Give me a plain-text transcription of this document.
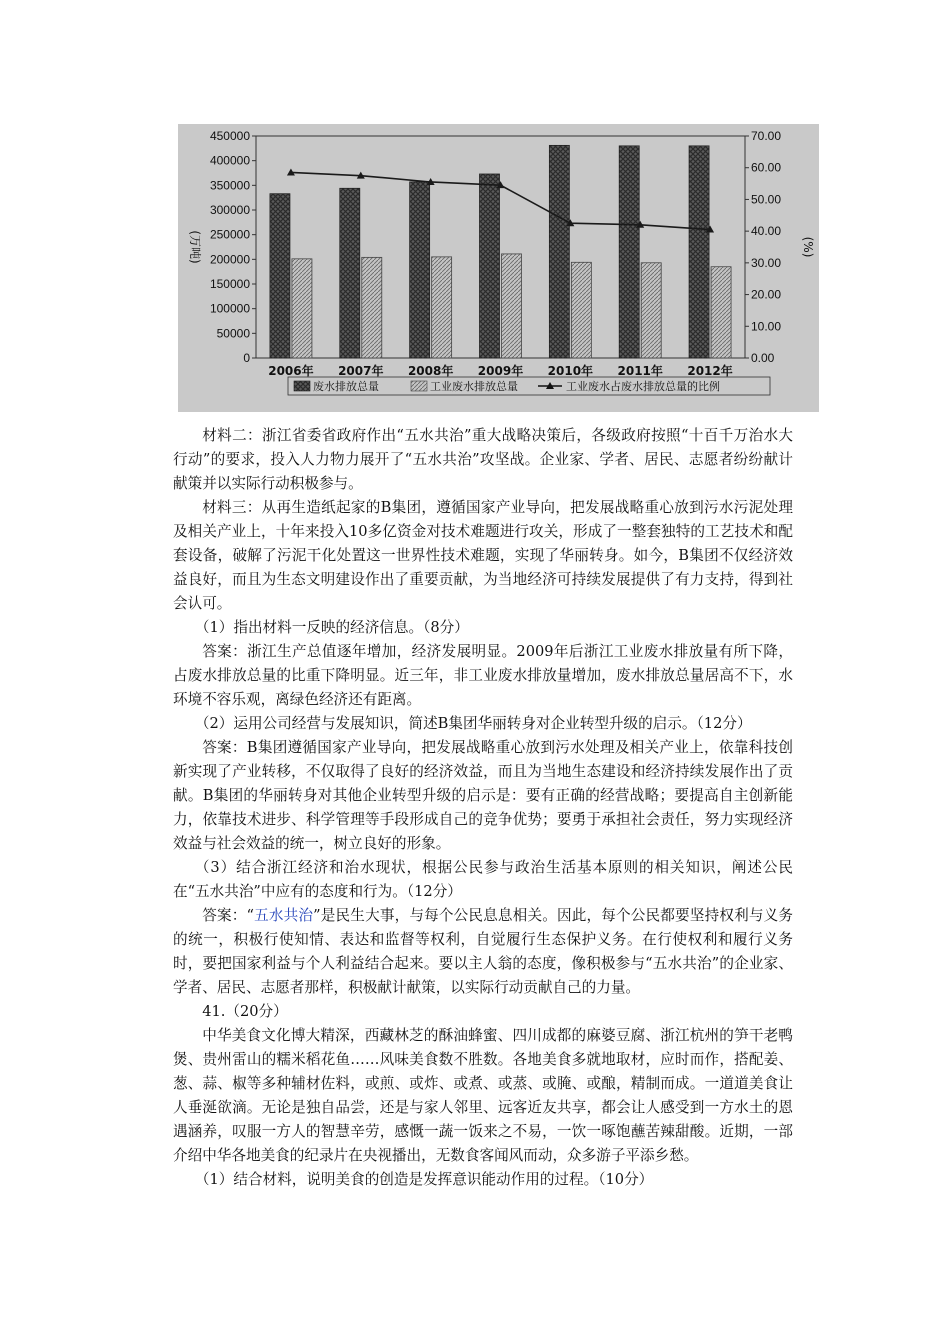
0
50000
100000
150000
200000
250000
300000
350000
400000
450000
0.00
10.00
20.00
30.00
40.00
50.00
60.00
70.00
(万吨)	(%)
2006年 2007年 2008年 2009年 2010年 2011年 2012年
废水排放总量	工业废水排放总量	工业废水占废水排放总量的比例

材料二：浙江省委省政府作出“五水共治”重大战略决策后，各级政府按照“十百千万治水大行动”的要求，投入人力物力展开了“五水共治”攻坚战。企业家、学者、居民、志愿者纷纷献计献策并以实际行动积极参与。

材料三：从再生造纸起家的B集团，遵循国家产业导向，把发展战略重心放到污水污泥处理及相关产业上，十年来投入10多亿资金对技术难题进行攻关，形成了一整套独特的工艺技术和配套设备，破解了污泥干化处置这一世界性技术难题，实现了华丽转身。如今，B集团不仅经济效益良好，而且为生态文明建设作出了重要贡献，为当地经济可持续发展提供了有力支持，得到社会认可。

（1）指出材料一反映的经济信息。（8分）

答案：浙江生产总值逐年增加，经济发展明显。2009年后浙江工业废水排放量有所下降，占废水排放总量的比重下降明显。近三年，非工业废水排放量增加，废水排放总量居高不下，水环境不容乐观，离绿色经济还有距离。

（2）运用公司经营与发展知识，简述B集团华丽转身对企业转型升级的启示。（12分）

答案：B集团遵循国家产业导向，把发展战略重心放到污水处理及相关产业上，依靠科技创新实现了产业转移，不仅取得了良好的经济效益，而且为当地生态建设和经济持续发展作出了贡献。B集团的华丽转身对其他企业转型升级的启示是：要有正确的经营战略；要提高自主创新能力，依靠技术进步、科学管理等手段形成自己的竞争优势；要勇于承担社会责任，努力实现经济效益与社会效益的统一，树立良好的形象。

（3）结合浙江经济和治水现状，根据公民参与政治生活基本原则的相关知识，阐述公民在“五水共治”中应有的态度和行为。（12分）

答案：“五水共治”是民生大事，与每个公民息息相关。因此，每个公民都要坚持权利与义务的统一，积极行使知情、表达和监督等权利，自觉履行生态保护义务。在行使权利和履行义务时，要把国家利益与个人利益结合起来。要以主人翁的态度，像积极参与“五水共治”的企业家、学者、居民、志愿者那样，积极献计献策，以实际行动贡献自己的力量。

41.（20分）

中华美食文化博大精深，西藏林芝的酥油蜂蜜、四川成都的麻婆豆腐、浙江杭州的笋干老鸭煲、贵州雷山的糯米稻花鱼……风味美食数不胜数。各地美食多就地取材，应时而作，搭配姜、葱、蒜、椒等多种辅材佐料，或煎、或炸、或煮、或蒸、或腌、或酿，精制而成。一道道美食让人垂涎欲滴。无论是独自品尝，还是与家人邻里、远客近友共享，都会让人感受到一方水土的恩遇涵养，叹服一方人的智慧辛劳，感慨一蔬一饭来之不易，一饮一啄饱蘸苦辣甜酸。近期，一部介绍中华各地美食的纪录片在央视播出，无数食客闻风而动，众多游子平添乡愁。

（1）结合材料，说明美食的创造是发挥意识能动作用的过程。（10分）
